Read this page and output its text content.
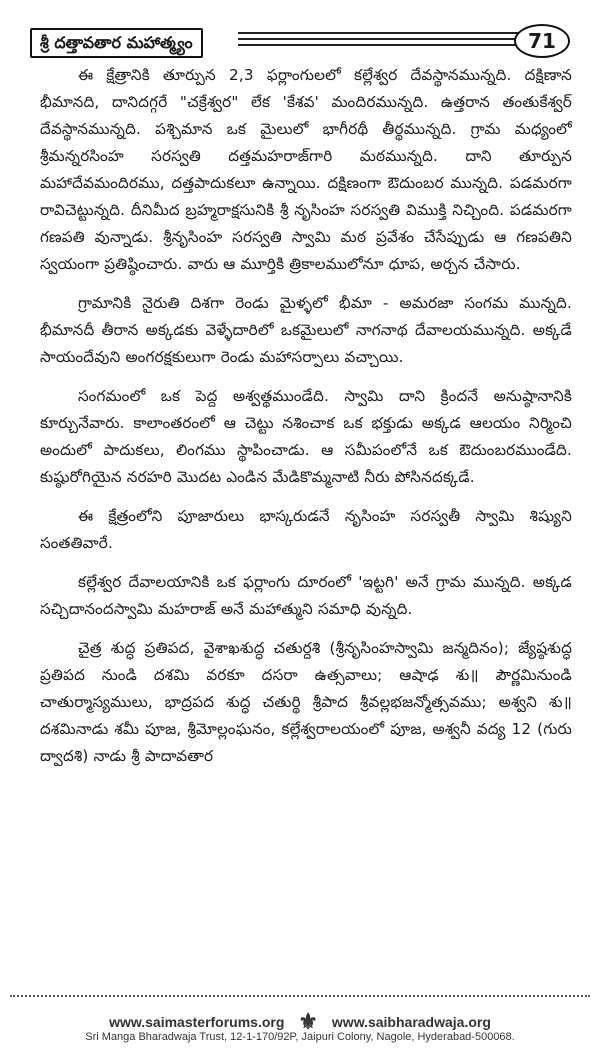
శ్రీ దత్తావతార మహాత్మ్యం	71

ఈ క్షేత్రానికి తూర్పున 2,3 ఫర్లాంగులలో కల్లేశ్వర దేవస్థానమున్నది. దక్షిణాన భీమానది, దానిదగ్గరే "చక్రేశ్వర" లేక 'కేశవ' మందిరమున్నది. ఉత్తరాన తంతుకేశ్వర్ దేవస్థానమున్నది. పశ్చిమాన ఒక మైలులో భాగీరథీ తీర్థమున్నది. గ్రామ మధ్యంలో శ్రీమన్నరసింహ సరస్వతి దత్తమహరాజ్‌గారి మఠమున్నది. దాని తూర్పున మహాదేవమందిరము, దత్తపాదుకలూ ఉన్నాయి. దక్షిణంగా ఔదుంబర మున్నది. పడమరగా రావిచెట్టున్నది. దీనిమీద బ్రహ్మరాక్షసునికి శ్రీ నృసింహ సరస్వతి విముక్తి నిచ్చింది. పడమరగా గణపతి వున్నాడు. శ్రీనృసింహ సరస్వతి స్వామి మఠ ప్రవేశం చేసేప్పుడు ఆ గణపతిని స్వయంగా ప్రతిష్ఠించారు. వారు ఆ మూర్తికి త్రికాలములోనూ ధూప, అర్చన చేసారు.

గ్రామానికి నైరుతి దిశగా రెండు మైళ్ళలో భీమా - అమరజా సంగమ మున్నది. భీమానదీ తీరాన అక్కడకు వెళ్ళేదారిలో ఒకమైలులో నాగనాథ దేవాలయమున్నది. అక్కడే సాయందేవుని అంగరక్షకులుగా రెండు మహాసర్పాలు వచ్చాయి.

సంగమంలో ఒక పెద్ద అశ్వత్థముండేది. స్వామి దాని క్రిందనే అనుష్ఠానానికి కూర్చునేవారు. కాలాంతరంలో ఆ చెట్టు నశించాక ఒక భక్తుడు అక్కడ ఆలయం నిర్మించి అందులో పాదుకలు, లింగము స్థాపించాడు. ఆ సమీపంలోనే ఒక ఔదుంబరముండేది. కుష్ఠురోగియైన నరహరి మొదట ఎండిన మేడికొమ్మనాటి నీరు పోసినదక్కడే.

ఈ క్షేత్రంలోని పూజారులు భాస్కరుడనే నృసింహ సరస్వతీ స్వామి శిష్యుని సంతతివారే.

కల్లేశ్వర దేవాలయానికి ఒక ఫర్లాంగు దూరంలో 'ఇట్టగి' అనే గ్రామ మున్నది. అక్కడ సచ్చిదానందస్వామి మహరాజ్ అనే మహాత్ముని సమాధి వున్నది.

చైత్ర శుద్ధ ప్రతిపద, వైశాఖశుద్ధ చతుర్దశి (శ్రీనృసింహస్వామి జన్మదినం); జ్యేష్ఠశుద్ధ ప్రతిపద నుండి దశమి వరకూ దసరా ఉత్సవాలు; ఆషాఢ శు॥ పౌర్ణమినుండి చాతుర్మాస్యములు, భాద్రపద శుద్ధ చతుర్థి శ్రీపాద శ్రీవల్లభజన్మోత్సవము; అశ్వని శు॥ దశమినాడు శమీ పూజ, శ్రీమోల్లంఘనం, కల్లేశ్వరాలయంలో పూజ, అశ్వనీ వద్య 12 (గురు ద్వాదశి) నాడు శ్రీ పాదావతార

www.saimasterforums.org ⚜ www.saibharadwaja.org
Sri Manga Bharadwaja Trust, 12-1-170/92P, Jaipuri Colony, Nagole, Hyderabad-500068.
